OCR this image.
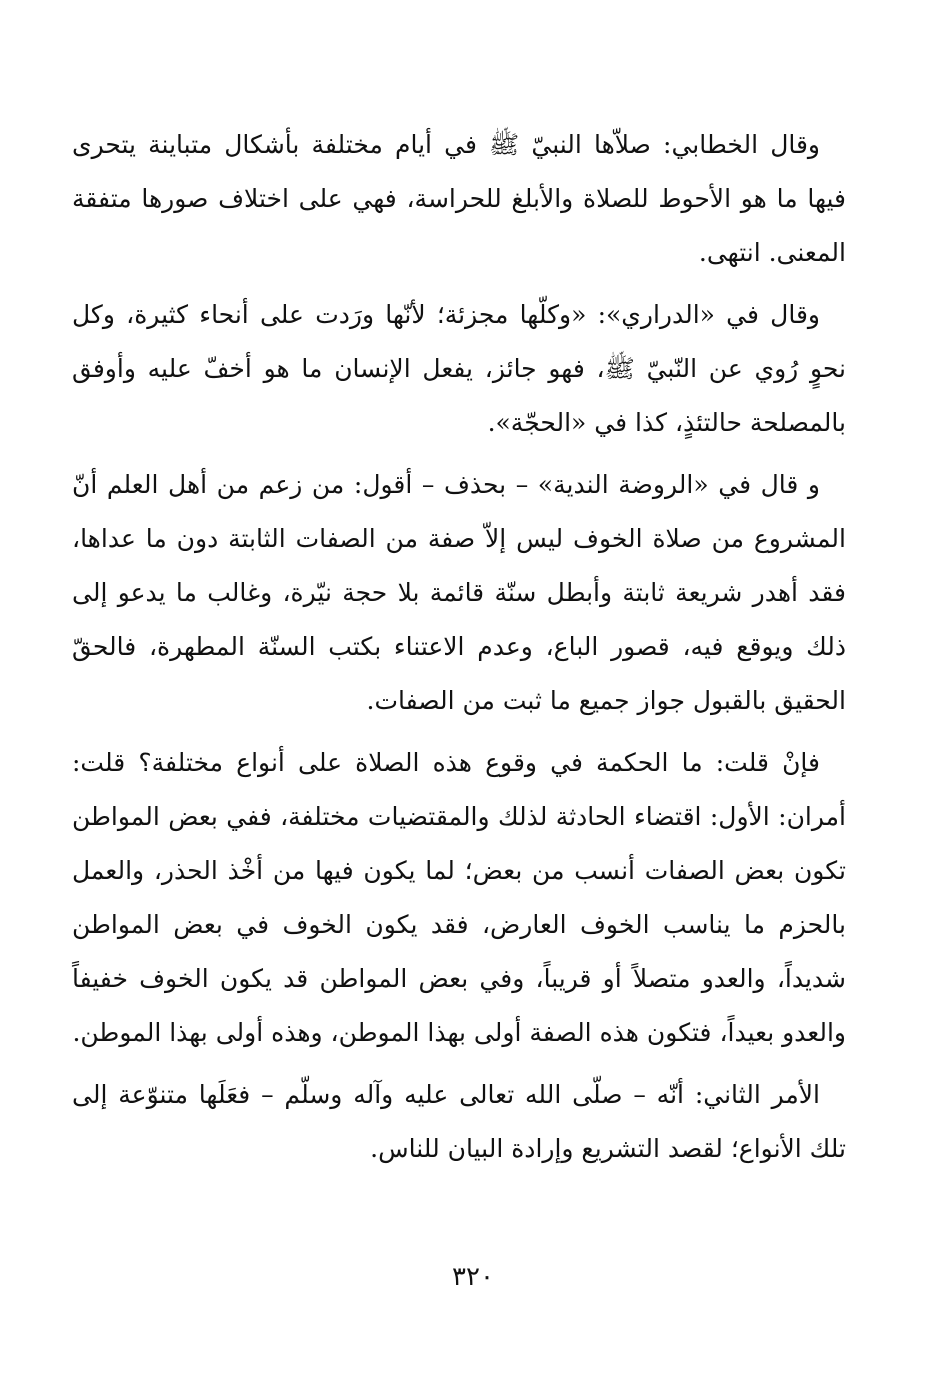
وقال الخطابي: صلاّها النبيّ ﷺ في أيام مختلفة بأشكال متباينة يتحرى فيها ما هو الأحوط للصلاة والأبلغ للحراسة، فهي على اختلاف صورها متفقة المعنى. انتهى.

وقال في «الدراري»: «وكلّها مجزئة؛ لأنّها ورَدت على أنحاء كثيرة، وكل نحوٍ رُوي عن النّبيّ ﷺ، فهو جائز، يفعل الإنسان ما هو أخفّ عليه وأوفق بالمصلحة حالتئذٍ، كذا في «الحجّة».

و قال في «الروضة الندية» – بحذف – أقول: من زعم من أهل العلم أنّ المشروع من صلاة الخوف ليس إلاّ صفة من الصفات الثابتة دون ما عداها، فقد أهدر شريعة ثابتة وأبطل سنّة قائمة بلا حجة نيّرة، وغالب ما يدعو إلى ذلك ويوقع فيه، قصور الباع، وعدم الاعتناء بكتب السنّة المطهرة، فالحقّ الحقيق بالقبول جواز جميع ما ثبت من الصفات.

فإنْ قلت: ما الحكمة في وقوع هذه الصلاة على أنواع مختلفة؟ قلت: أمران: الأول: اقتضاء الحادثة لذلك والمقتضيات مختلفة، ففي بعض المواطن تكون بعض الصفات أنسب من بعض؛ لما يكون فيها من أخْذ الحذر، والعمل بالحزم ما يناسب الخوف العارض، فقد يكون الخوف في بعض المواطن شديداً، والعدو متصلاً أو قريباً، وفي بعض المواطن قد يكون الخوف خفيفاً والعدو بعيداً، فتكون هذه الصفة أولى بهذا الموطن، وهذه أولى بهذا الموطن.

الأمر الثاني: أنّه – صلّى الله تعالى عليه وآله وسلّم – فعَلَها متنوّعة إلى تلك الأنواع؛ لقصد التشريع وإرادة البيان للناس.

٣٢٠
